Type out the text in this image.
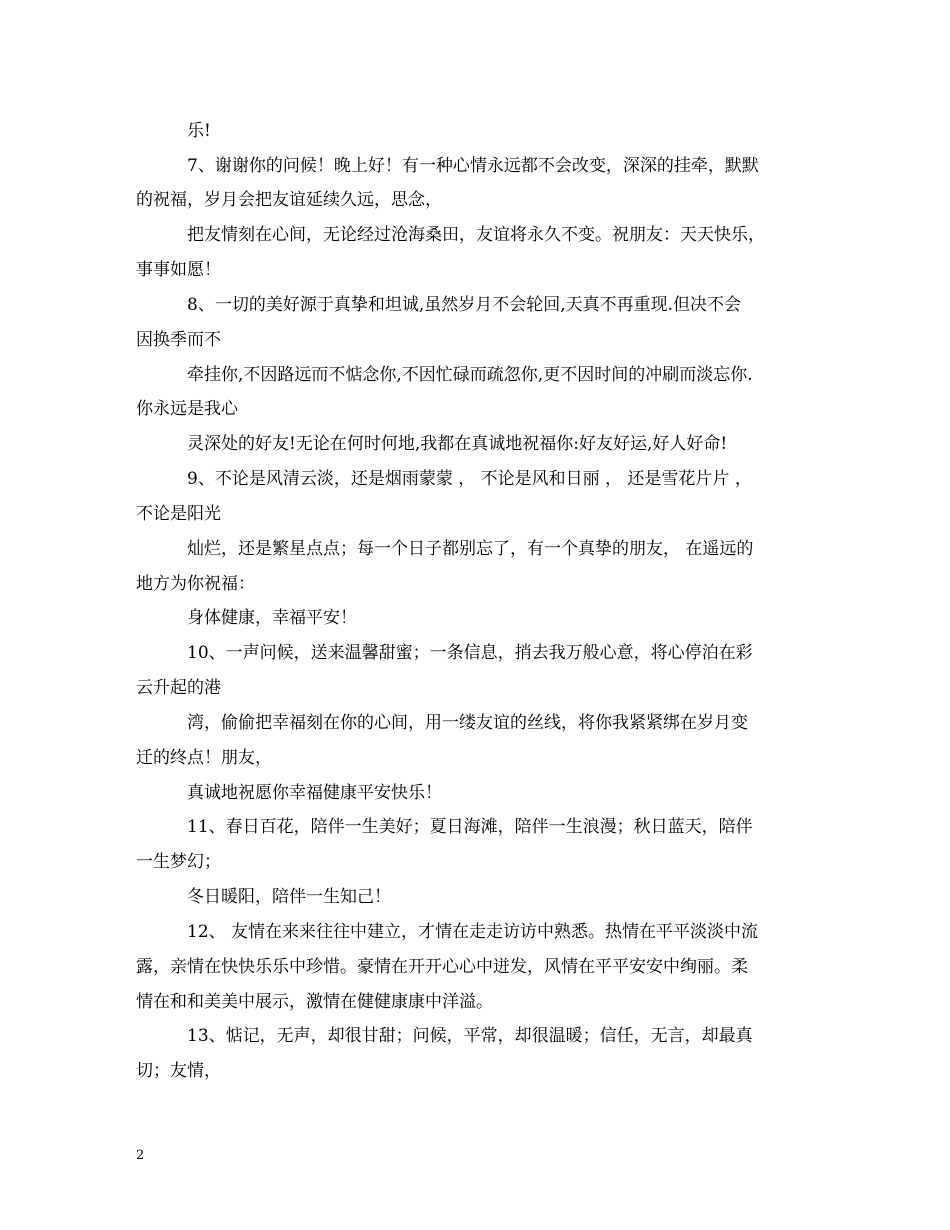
乐!
7、谢谢你的问候！晚上好！有一种心情永远都不会改变，深深的挂牵，默默
的祝福，岁月会把友谊延续久远，思念，
把友情刻在心间，无论经过沧海桑田，友谊将永久不变。祝朋友：天天快乐，
事事如愿！
8、一切的美好源于真挚和坦诚,虽然岁月不会轮回,天真不再重现.但决不会
因换季而不
牵挂你,不因路远而不惦念你,不因忙碌而疏忽你,更不因时间的冲刷而淡忘你.
你永远是我心
灵深处的好友!无论在何时何地,我都在真诚地祝福你:好友好运,好人好命!
9、不论是风清云淡，还是烟雨蒙蒙 ， 不论是风和日丽 ， 还是雪花片片 ，
不论是阳光
灿烂，还是繁星点点；每一个日子都别忘了，有一个真挚的朋友， 在遥远的
地方为你祝福：
身体健康，幸福平安！
10、一声问候，送来温馨甜蜜；一条信息，捎去我万般心意，将心停泊在彩
云升起的港
湾，偷偷把幸福刻在你的心间，用一缕友谊的丝线，将你我紧紧绑在岁月变
迁的终点！朋友，
真诚地祝愿你幸福健康平安快乐！
11、春日百花，陪伴一生美好；夏日海滩，陪伴一生浪漫；秋日蓝天，陪伴
一生梦幻；
冬日暖阳，陪伴一生知己！
12、 友情在来来往往中建立，才情在走走访访中熟悉。热情在平平淡淡中流
露，亲情在快快乐乐中珍惜。豪情在开开心心中迸发，风情在平平安安中绚丽。柔
情在和和美美中展示，激情在健健康康中洋溢。
13、惦记，无声，却很甘甜；问候，平常，却很温暖；信任，无言，却最真
切；友情，
2
